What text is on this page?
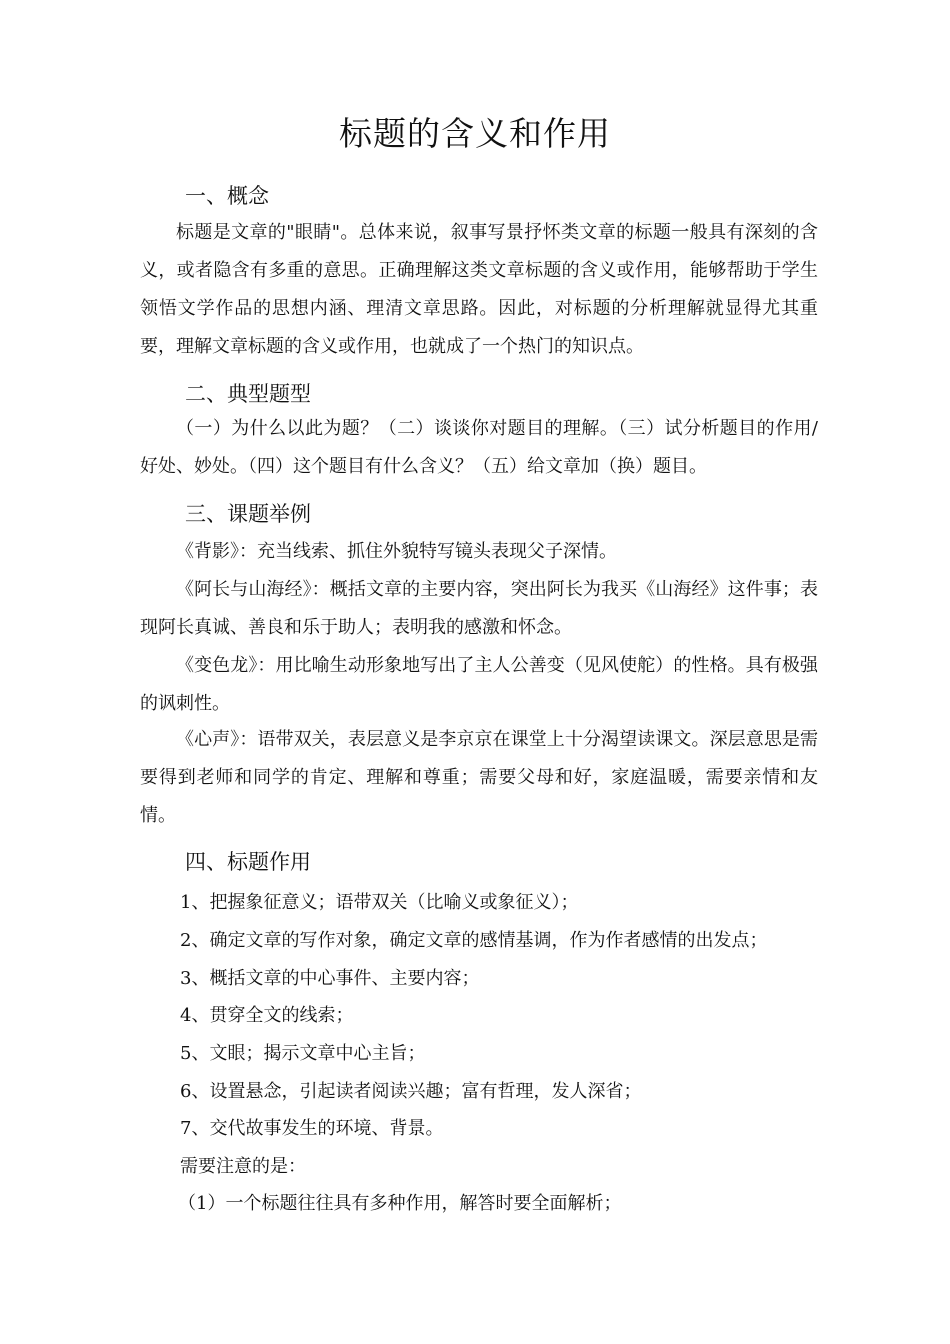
标题的含义和作用
一、概念

标题是文章的"眼睛"。总体来说，叙事写景抒怀类文章的标题一般具有深刻的含义，或者隐含有多重的意思。正确理解这类文章标题的含义或作用，能够帮助于学生领悟文学作品的思想内涵、理清文章思路。因此，对标题的分析理解就显得尤其重要，理解文章标题的含义或作用，也就成了一个热门的知识点。

二、典型题型

（一）为什么以此为题？（二）谈谈你对题目的理解。（三）试分析题目的作用/好处、妙处。（四）这个题目有什么含义？（五）给文章加（换）题目。

三、课题举例

《背影》：充当线索、抓住外貌特写镜头表现父子深情。

《阿长与山海经》：概括文章的主要内容，突出阿长为我买《山海经》这件事；表现阿长真诚、善良和乐于助人；表明我的感激和怀念。

《变色龙》：用比喻生动形象地写出了主人公善变（见风使舵）的性格。具有极强的讽刺性。

《心声》：语带双关，表层意义是李京京在课堂上十分渴望读课文。深层意思是需要得到老师和同学的肯定、理解和尊重；需要父母和好，家庭温暖，需要亲情和友情。

四、标题作用
1、把握象征意义；语带双关（比喻义或象征义）；
2、确定文章的写作对象，确定文章的感情基调，作为作者感情的出发点；
3、概括文章的中心事件、主要内容；
4、贯穿全文的线索；
5、文眼；揭示文章中心主旨；
6、设置悬念，引起读者阅读兴趣；富有哲理，发人深省；
7、交代故事发生的环境、背景。
需要注意的是：
（1）一个标题往往具有多种作用，解答时要全面解析；
